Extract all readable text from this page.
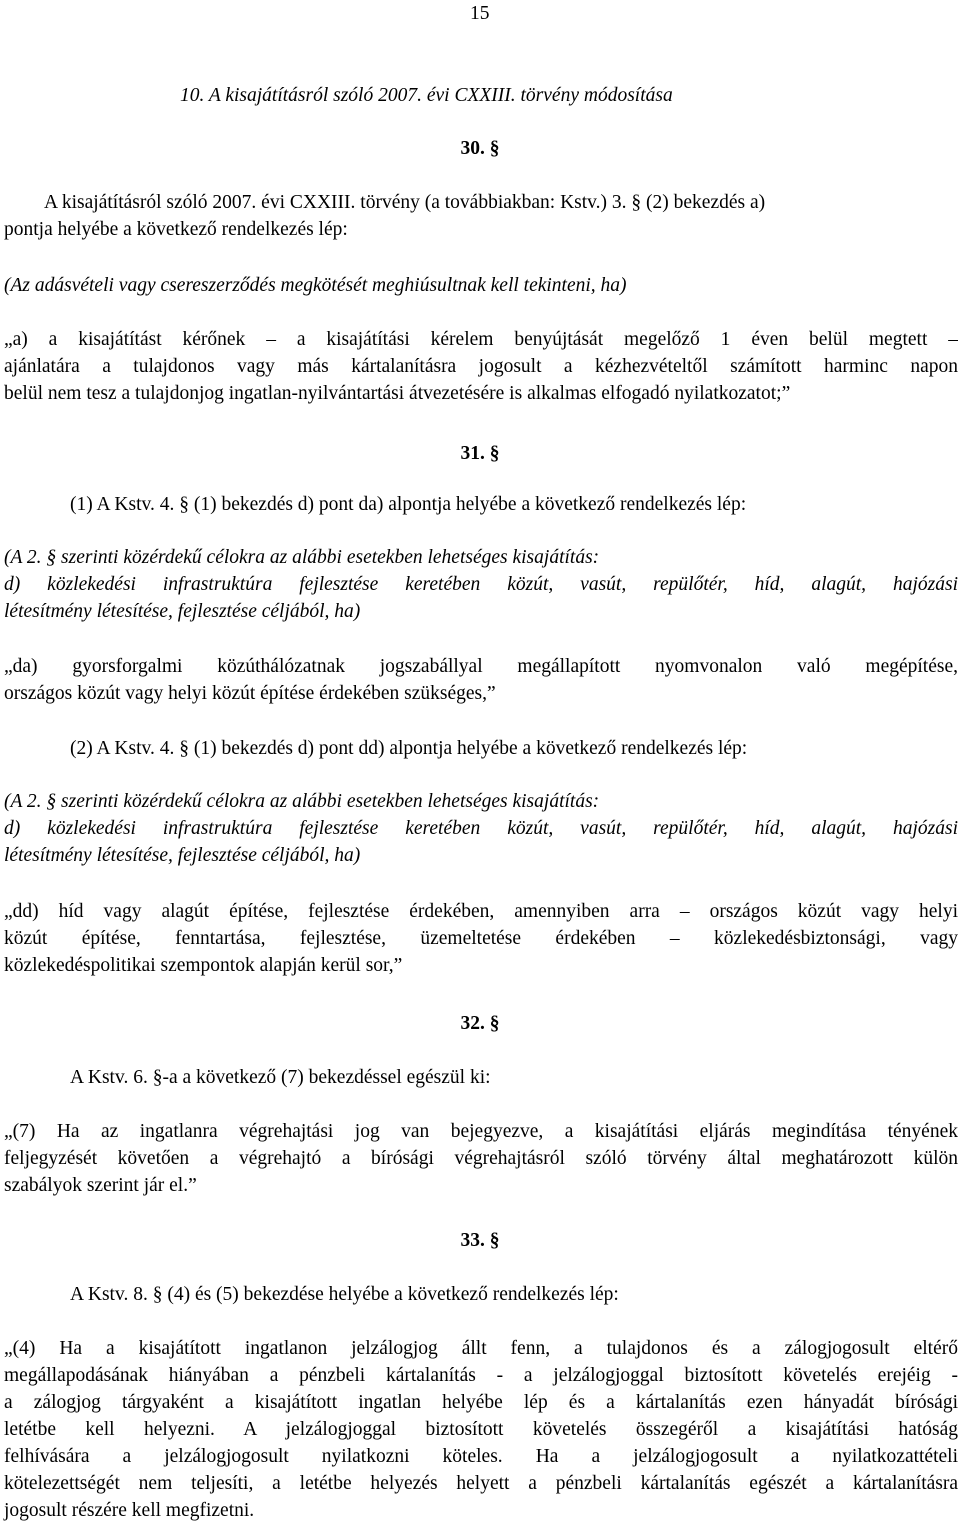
15
10. A kisajátításról szóló 2007. évi CXXIII. törvény módosítása
30. §
A kisajátításról szóló 2007. évi CXXIII. törvény (a továbbiakban: Kstv.) 3. § (2) bekezdés a)
pontja helyébe a következő rendelkezés lép:
(Az adásvételi vagy csereszerződés megkötését meghiúsultnak kell tekinteni, ha)
„a) a kisajátítást kérőnek – a kisajátítási kérelem benyújtását megelőző 1 éven belül megtett –
ajánlatára a tulajdonos vagy más kártalanításra jogosult a kézhezvételtől számított harminc napon
belül nem tesz a tulajdonjog ingatlan-nyilvántartási átvezetésére is alkalmas elfogadó nyilatkozatot;”
31. §
(1) A Kstv. 4. § (1) bekezdés d) pont da) alpontja helyébe a következő rendelkezés lép:
(A 2. § szerinti közérdekű célokra az alábbi esetekben lehetséges kisajátítás:
d) közlekedési infrastruktúra fejlesztése keretében közút, vasút, repülőtér, híd, alagút, hajózási
létesítmény létesítése, fejlesztése céljából, ha)
„da) gyorsforgalmi közúthálózatnak jogszabállyal megállapított nyomvonalon való megépítése,
országos közút vagy helyi közút építése érdekében szükséges,”
(2) A Kstv. 4. § (1) bekezdés d) pont dd) alpontja helyébe a következő rendelkezés lép:
(A 2. § szerinti közérdekű célokra az alábbi esetekben lehetséges kisajátítás:
d) közlekedési infrastruktúra fejlesztése keretében közút, vasút, repülőtér, híd, alagút, hajózási
létesítmény létesítése, fejlesztése céljából, ha)
„dd) híd vagy alagút építése, fejlesztése érdekében, amennyiben arra – országos közút vagy helyi
közút építése, fenntartása, fejlesztése, üzemeltetése érdekében – közlekedésbiztonsági, vagy
közlekedéspolitikai szempontok alapján kerül sor,”
32. §
A Kstv. 6. §-a a következő (7) bekezdéssel egészül ki:
„(7) Ha az ingatlanra végrehajtási jog van bejegyezve, a kisajátítási eljárás megindítása tényének
feljegyzését követően a végrehajtó a bírósági végrehajtásról szóló törvény által meghatározott külön
szabályok szerint jár el.”
33. §
A Kstv. 8. § (4) és (5) bekezdése helyébe a következő rendelkezés lép:
„(4) Ha a kisajátított ingatlanon jelzálogjog állt fenn, a tulajdonos és a zálogjogosult eltérő
megállapodásának hiányában a pénzbeli kártalanítás - a jelzálogjoggal biztosított követelés erejéig -
a zálogjog tárgyaként a kisajátított ingatlan helyébe lép és a kártalanítás ezen hányadát bírósági
letétbe kell helyezni. A jelzálogjoggal biztosított követelés összegéről a kisajátítási hatóság
felhívására a jelzálogjogosult nyilatkozni köteles. Ha a jelzálogjogosult a nyilatkozattételi
kötelezettségét nem teljesíti, a letétbe helyezés helyett a pénzbeli kártalanítás egészét a kártalanításra
jogosult részére kell megfizetni.
